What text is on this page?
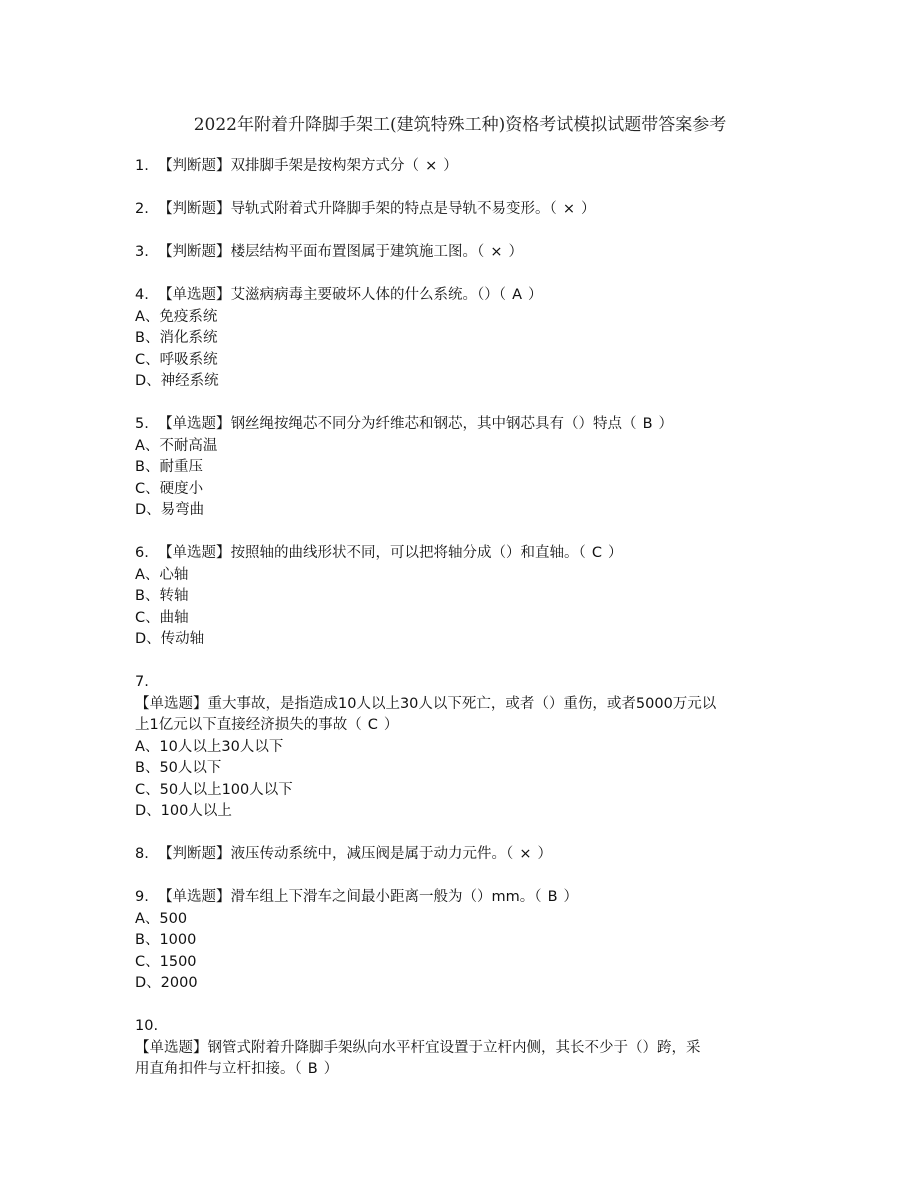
2022年附着升降脚手架工(建筑特殊工种)资格考试模拟试题带答案参考
1. 【判断题】双排脚手架是按构架方式分（ × ）
2. 【判断题】导轨式附着式升降脚手架的特点是导轨不易变形。（ × ）
3. 【判断题】楼层结构平面布置图属于建筑施工图。（ × ）
4. 【单选题】艾滋病病毒主要破坏人体的什么系统。（）（ A ）
A、免疫系统
B、消化系统
C、呼吸系统
D、神经系统
5. 【单选题】钢丝绳按绳芯不同分为纤维芯和钢芯，其中钢芯具有（）特点（ B ）
A、不耐高温
B、耐重压
C、硬度小
D、易弯曲
6. 【单选题】按照轴的曲线形状不同，可以把将轴分成（）和直轴。（ C ）
A、心轴
B、转轴
C、曲轴
D、传动轴
7.
【单选题】重大事故，是指造成10人以上30人以下死亡，或者（）重伤，或者5000万元以
上1亿元以下直接经济损失的事故（ C ）
A、10人以上30人以下
B、50人以下
C、50人以上100人以下
D、100人以上
8. 【判断题】液压传动系统中，减压阀是属于动力元件。（ × ）
9. 【单选题】滑车组上下滑车之间最小距离一般为（）mm。（ B ）
A、500
B、1000
C、1500
D、2000
10.
【单选题】钢管式附着升降脚手架纵向水平杆宜设置于立杆内侧，其长不少于（）跨，采
用直角扣件与立杆扣接。（ B ）
